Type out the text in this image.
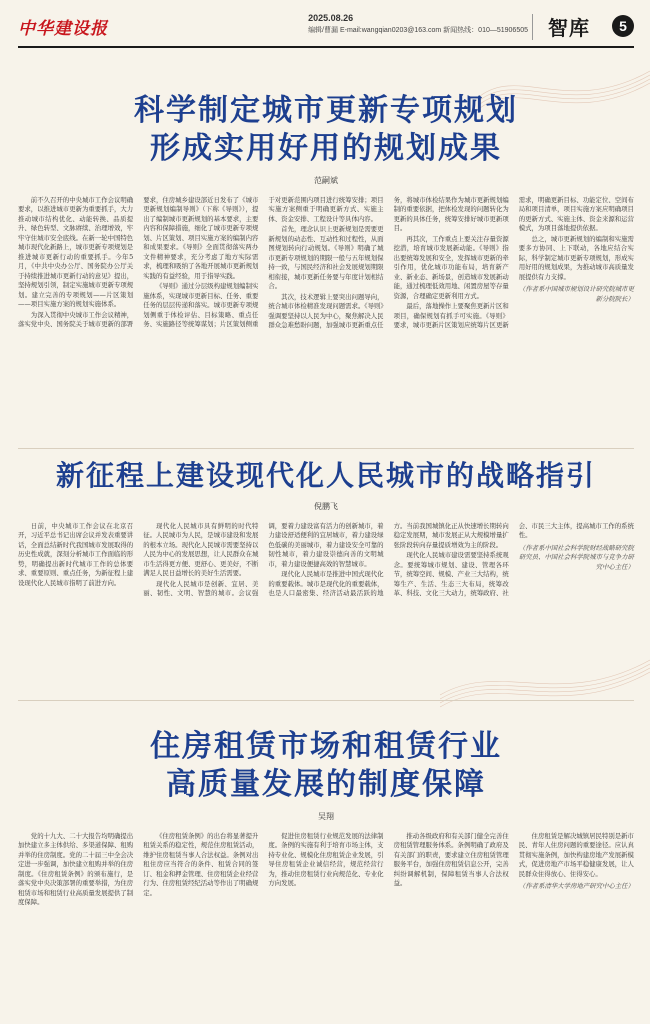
中华建设报
2025.08.26
编辑/曹漏 E-mail:wangqian0203@163.com 新闻热线：010—51906505 智库	5
科学制定城市更新专项规划
形成实用好用的规划成果
范嗣斌

前不久召开的中央城市工作会议明确要求，以推进城市更新为重要抓手，大力推动城市结构优化、动能转换、品质提升、绿色转型、文脉赓续、治理增效，牢牢守住城市安全底线。在新一轮中国特色城市现代化新路上，城市更新专项规划是推进城市更新行动的重要抓手。今年5月，《中共中央办公厅、国务院办公厅关于持续推进城市更新行动的意见》提出，坚持规划引领，制定实施城市更新专项规划。建立完善的专项规划——片区策划——项目实施方案的规划实施体系。

为深入贯彻中央城市工作会议精神，落实党中央、国务院关于城市更新的部署要求，住房城乡建设部近日发布了《城市更新规划编制导则》（下称《导则》），提出了编制城市更新规划的基本要求，主要内容和保障措施，细化了城市更新专项规划、片区策划、项目实施方案的编制内容和成果要求。《导则》全面贯彻落实两办文件精神要求，充分考虑了地方实际需求，梳理和吸纳了各地开展城市更新规划实践的有益经验，用于指导实践。

《导则》通过分层级构建规划编制实施体系，实现城市更新目标、任务、重要任务的层层传递和落实。城市更新专项规划侧重于体检评估、目标策略、重点任务、实施路径等统筹谋划；片区策划侧重于对更新范围内项目进行统筹安排；项目实施方案侧重于明确更新方式、实施主体、资金安排、工程设计等具体内容。

首先，理念认识上更新规划是需要更新规划的动态性、互动性和过程性，从面图规划转向行动规划。《导则》明确了城市更新专项规划的期限一般与五年规划保持一致，与国民经济和社会发展规划期限相衔接，城市更新任务要与年度计划相结合。

其次，技术逻辑上要突出问题导向，统合城市体检精准发现问题需求。《导则》强调要坚持以人民为中心，聚焦解决人民群众急难愁盼问题，加强城市更新重点任务，将城市体检结果作为城市更新规划编制的重要依据，把体检发现的问题转化为更新的具体任务，统筹安排好城市更新项目。

再其次，工作重点上要关注存量资源挖潜，培育城市发展新动能。《导则》指出要统筹发展和安全，发挥城市更新的牵引作用，优化城市功能布局，培育新产业、新业态、新场景，创造城市发展新动能，通过梳理低效用地、闲置房屋等存量资源，合理确定更新利用方式。

最后，落地操作上要聚焦更新片区和项目，确保规划有抓手可实施。《导则》要求，城市更新片区策划应统筹片区更新需求，明确更新目标、功能定位、空间布局和项目清单，项目实施方案应明确项目的更新方式、实施主体、资金来源和运营模式，为项目落地提供依据。

总之，城市更新规划的编制和实施需要多方协同、上下联动，各地应结合实际，科学制定城市更新专项规划，形成实用好用的规划成果，为推动城市高质量发展提供有力支撑。

（作者系中国城市规划设计研究院城市更新分院院长）

新征程上建设现代化人民城市的战略指引
倪鹏飞

日前，中央城市工作会议在北京召开，习近平总书记出席会议并发表重要讲话，全面总结新时代我国城市发展取得的历史性成就，深刻分析城市工作面临的形势，明确提出新时代城市工作的总体要求、重要原则、重点任务，为新征程上建设现代化人民城市指明了前进方向。

现代化人民城市具有鲜明的时代特征。人民城市为人民，是城市建设和发展的根本立场。现代化人民城市需要坚持以人民为中心的发展思想，让人民群众在城市生活得更方便、更舒心、更美好，不断满足人民日益增长的美好生活需要。

现代化人民城市是创新、宜居、美丽、韧性、文明、智慧的城市。会议强调，要着力建设富有活力的创新城市，着力建设舒适便利的宜居城市，着力建设绿色低碳的美丽城市，着力建设安全可靠的韧性城市，着力建设崇德向善的文明城市，着力建设便捷高效的智慧城市。

现代化人民城市是推进中国式现代化的重要载体。城市是现代化的重要载体，也是人口最密集、经济活动最活跃的地方。当前我国城镇化正从快速增长期转向稳定发展期，城市发展正从大规模增量扩张阶段转向存量提质增效为主的阶段。

现代化人民城市建设需要坚持系统观念。要统筹城市规划、建设、管理各环节，统筹空间、规模、产业三大结构，统筹生产、生活、生态三大布局，统筹改革、科技、文化三大动力，统筹政府、社会、市民三大主体，提高城市工作的系统性。

（作者系中国社会科学院财经战略研究院研究员、中国社会科学院城市与竞争力研究中心主任）

住房租赁市场和租赁行业
高质量发展的制度保障
吴翔

党的十九大、二十大报告均明确提出加快建立多主体供给、多渠道保障、租购并举的住房制度。党的二十届三中全会决定进一步强调，加快建立租购并举的住房制度。《住房租赁条例》的颁布施行，是落实党中央决策部署的重要举措，为住房租赁市场和租赁行业高质量发展提供了制度保障。

《住房租赁条例》的出台将显著提升租赁关系的稳定性，规范住房租赁活动，维护住房租赁当事人合法权益。条例对出租住房应当符合的条件、租赁合同的签订、租金和押金管理、住房租赁企业经营行为、住房租赁经纪活动等作出了明确规定。

促进住房租赁行业规范发展的法律制度。条例的实施有利于培育市场主体，支持专业化、规模化住房租赁企业发展，引导住房租赁企业诚信经营，规范经营行为，推动住房租赁行业向规范化、专业化方向发展。

推动各级政府和有关部门健全完善住房租赁管理服务体系。条例明确了政府及有关部门的职责，要求建立住房租赁管理服务平台，加强住房租赁信息公开，完善纠纷调解机制，保障租赁当事人合法权益。

住房租赁是解决城镇居民特别是新市民、青年人住房问题的重要途径。应认真贯彻实施条例，加快构建房地产发展新模式，促进房地产市场平稳健康发展，让人民群众住得放心、住得安心。

（作者系清华大学房地产研究中心主任）
